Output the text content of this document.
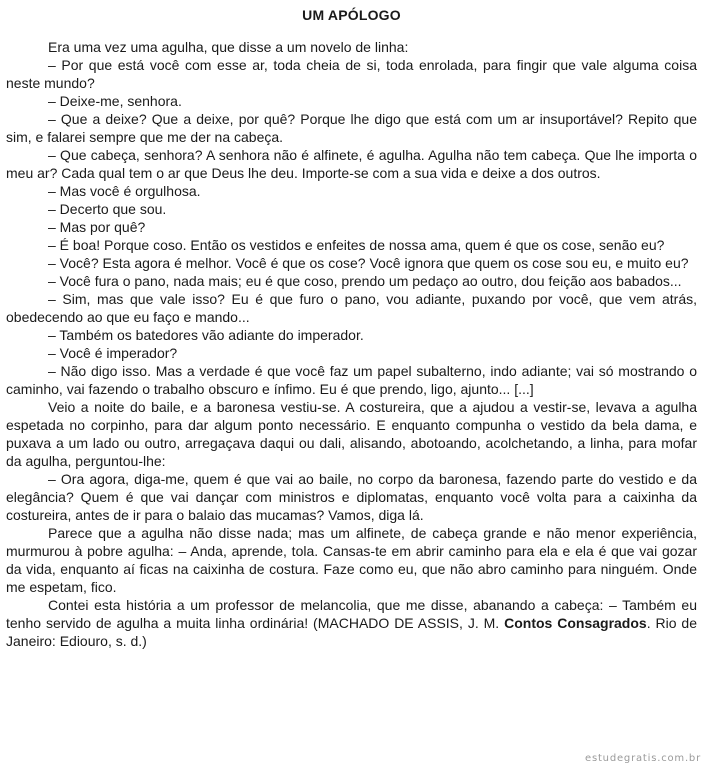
UM APÓLOGO

Era uma vez uma agulha, que disse a um novelo de linha:

– Por que está você com esse ar, toda cheia de si, toda enrolada, para fingir que vale alguma coisa neste mundo?

– Deixe-me, senhora.

– Que a deixe? Que a deixe, por quê? Porque lhe digo que está com um ar insuportável? Repito que sim, e falarei sempre que me der na cabeça.

– Que cabeça, senhora? A senhora não é alfinete, é agulha. Agulha não tem cabeça. Que lhe importa o meu ar? Cada qual tem o ar que Deus lhe deu. Importe-se com a sua vida e deixe a dos outros.

– Mas você é orgulhosa.

– Decerto que sou.

– Mas por quê?

– É boa! Porque coso. Então os vestidos e enfeites de nossa ama, quem é que os cose, senão eu?

– Você? Esta agora é melhor. Você é que os cose? Você ignora que quem os cose sou eu, e muito eu?

– Você fura o pano, nada mais; eu é que coso, prendo um pedaço ao outro, dou feição aos babados...

– Sim, mas que vale isso? Eu é que furo o pano, vou adiante, puxando por você, que vem atrás, obedecendo ao que eu faço e mando...

– Também os batedores vão adiante do imperador.

– Você é imperador?

– Não digo isso. Mas a verdade é que você faz um papel subalterno, indo adiante; vai só mostrando o caminho, vai fazendo o trabalho obscuro e ínfimo. Eu é que prendo, ligo, ajunto... [...]

Veio a noite do baile, e a baronesa vestiu-se. A costureira, que a ajudou a vestir-se, levava a agulha espetada no corpinho, para dar algum ponto necessário. E enquanto compunha o vestido da bela dama, e puxava a um lado ou outro, arregaçava daqui ou dali, alisando, abotoando, acolchetando, a linha, para mofar da agulha, perguntou-lhe:

– Ora agora, diga-me, quem é que vai ao baile, no corpo da baronesa, fazendo parte do vestido e da elegância? Quem é que vai dançar com ministros e diplomatas, enquanto você volta para a caixinha da costureira, antes de ir para o balaio das mucamas? Vamos, diga lá.

Parece que a agulha não disse nada; mas um alfinete, de cabeça grande e não menor experiência, murmurou à pobre agulha: – Anda, aprende, tola. Cansas-te em abrir caminho para ela e ela é que vai gozar da vida, enquanto aí ficas na caixinha de costura. Faze como eu, que não abro caminho para ninguém. Onde me espetam, fico.

Contei esta história a um professor de melancolia, que me disse, abanando a cabeça: – Também eu tenho servido de agulha a muita linha ordinária! (MACHADO DE ASSIS, J. M. Contos Consagrados. Rio de Janeiro: Ediouro, s. d.)

estudegratis.com.br
